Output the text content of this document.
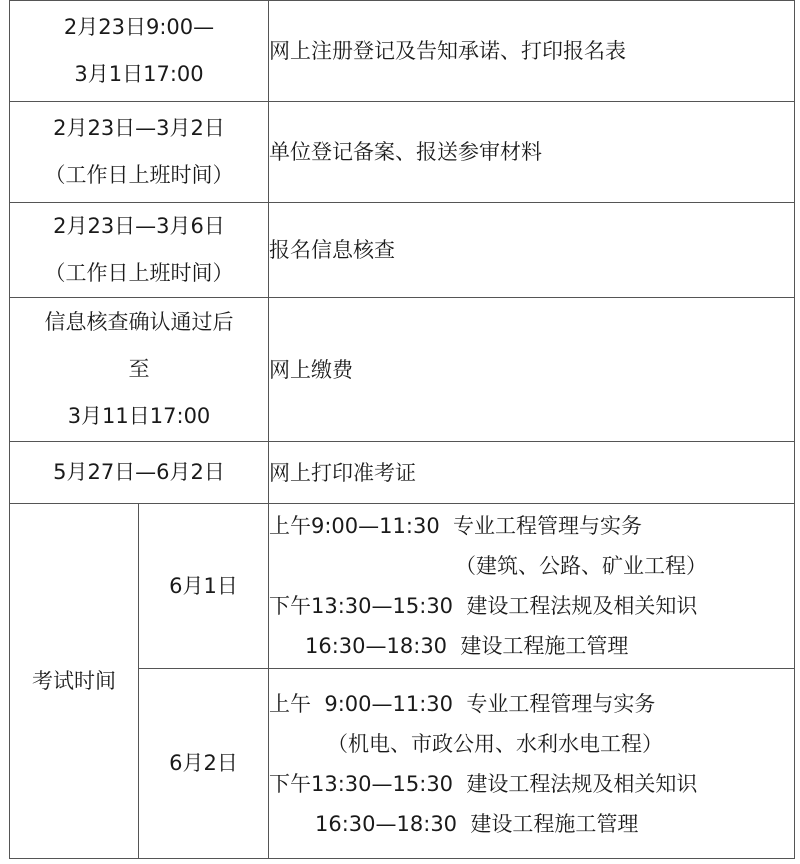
2月23日9:00—
3月1日17:00		网上注册登记及告知承诺、打印报名表

2月23日—3月2日
（工作日上班时间）		单位登记备案、报送参审材料

2月23日—3月6日
（工作日上班时间）		报名信息核查

信息核查确认通过后
至
3月11日17:00		网上缴费

5月27日—6月2日		网上打印准考证

考试时间	6月1日	上午9:00—11:30  专业工程管理与实务
（建筑、公路、矿业工程）
下午13:30—15:30  建设工程法规及相关知识
16:30—18:30  建设工程施工管理

	6月2日	上午  9:00—11:30  专业工程管理与实务
（机电、市政公用、水利水电工程）
下午13:30—15:30  建设工程法规及相关知识
16:30—18:30  建设工程施工管理
